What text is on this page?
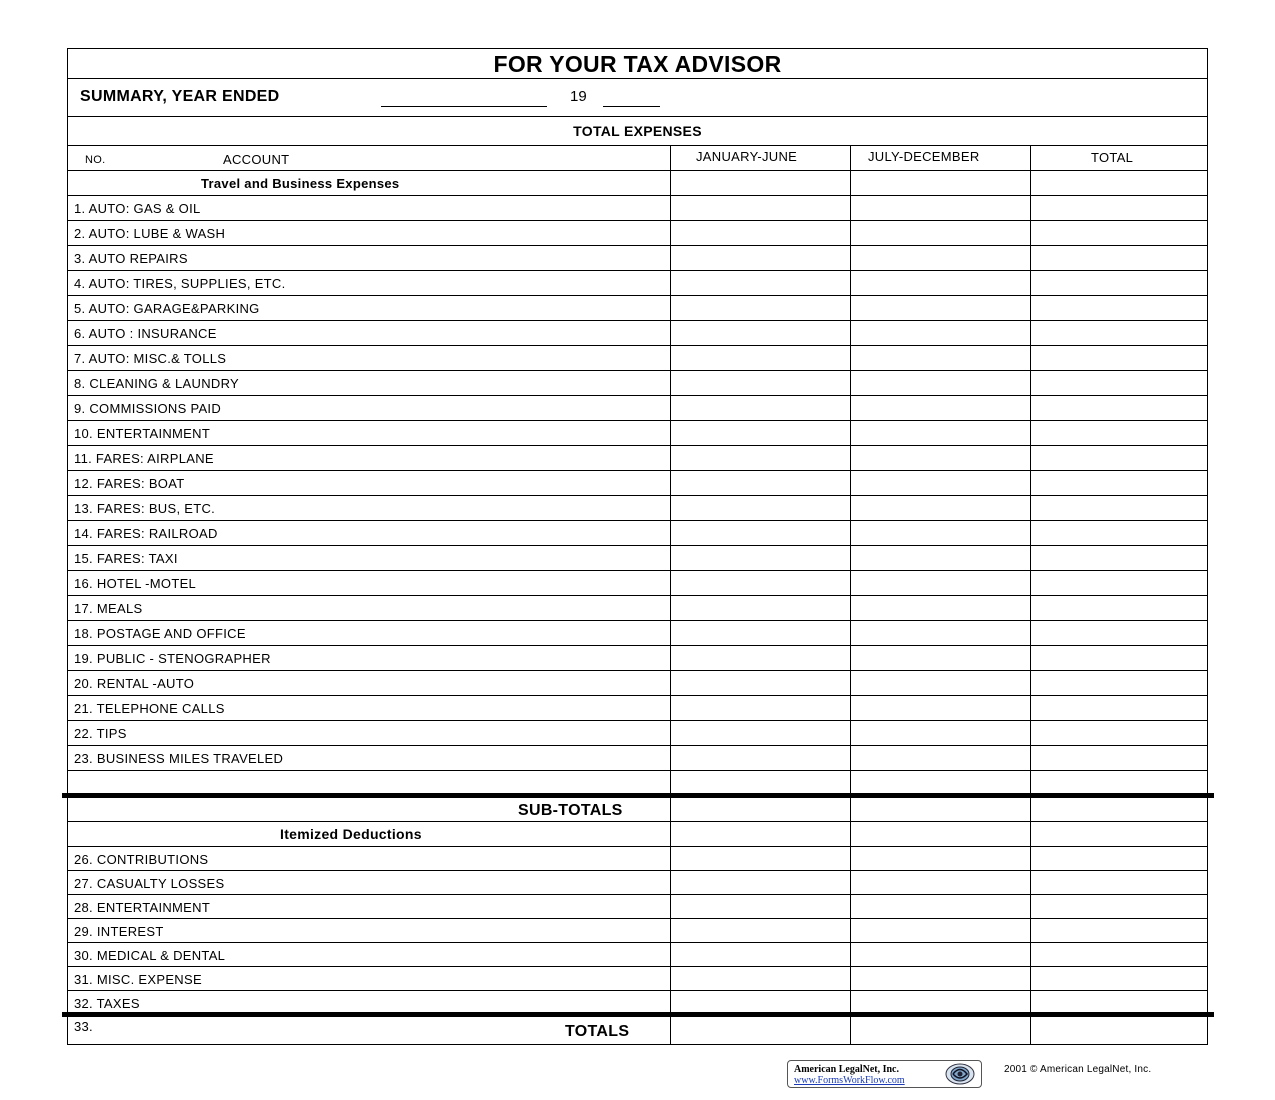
FOR YOUR TAX ADVISOR
SUMMARY, YEAR ENDED	19
TOTAL EXPENSES
NO.	ACCOUNT	JANUARY-JUNE	JULY-DECEMBER	TOTAL
Travel and Business Expenses
1. AUTO: GAS & OIL
2. AUTO: LUBE & WASH
3. AUTO REPAIRS
4. AUTO: TIRES, SUPPLIES, ETC.
5. AUTO: GARAGE&PARKING
6. AUTO : INSURANCE
7. AUTO: MISC.& TOLLS
8. CLEANING & LAUNDRY
9. COMMISSIONS PAID
10. ENTERTAINMENT
11. FARES: AIRPLANE
12. FARES: BOAT
13. FARES: BUS, ETC.
14. FARES: RAILROAD
15. FARES: TAXI
16. HOTEL -MOTEL
17. MEALS
18. POSTAGE AND OFFICE
19. PUBLIC - STENOGRAPHER
20. RENTAL -AUTO
21. TELEPHONE CALLS
22. TIPS
23. BUSINESS MILES TRAVELED
SUB-TOTALS
Itemized Deductions
26. CONTRIBUTIONS
27. CASUALTY LOSSES
28. ENTERTAINMENT
29. INTEREST
30. MEDICAL & DENTAL
31. MISC. EXPENSE
32. TAXES
33.	TOTALS
American LegalNet, Inc.
www.FormsWorkFlow.com
2001 © American LegalNet, Inc.
